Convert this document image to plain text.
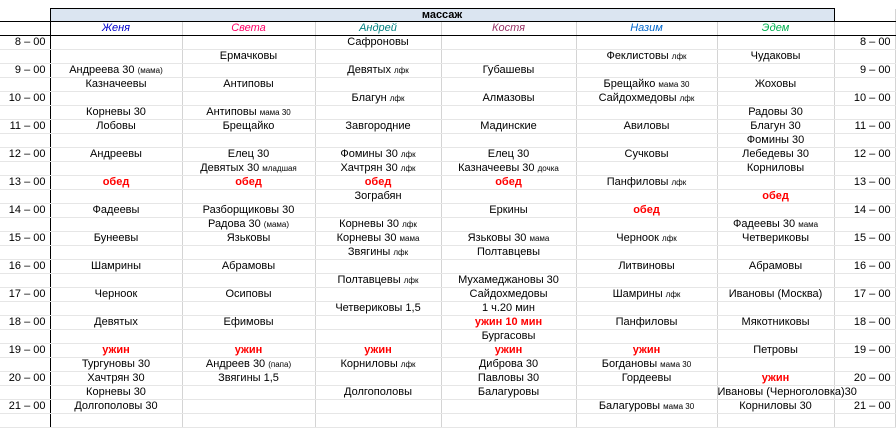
	массаж							
	Женя	Света	Андрей	Костя	Назим	Эдем		
8 – 00			Сафроновы				8 – 00	
		Ермачковы			Феклистовы лфк	Чудаковы		
9 – 00	Андреева 30 (мама)		Девятых лфк	Губашевы			9 – 00	
	Казначеевы	Антиповы			Брещайко мама 30	Жоховы		
10 – 00			Благун лфк	Алмазовы	Сайдохмедовы лфк		10 – 00	
	Корневы 30	Антиповы мама 30				Радовы 30		
11 – 00	Лобовы	Брещайко	Завгородние	Мадинские	Авиловы	Благун 30	11 – 00	
						Фомины 30		
12 – 00	Андреевы	Елец 30	Фомины 30 лфк	Елец 30	Сучковы	Лебедевы 30	12 – 00	
		Девятых 30 младшая	Хачтрян 30 лфк	Казначеевы 30 дочка		Корниловы		
13 – 00	обед	обед	обед	обед	Панфиловы лфк		13 – 00	
			Зограбян			обед		
14 – 00	Фадеевы	Разборщиковы 30		Еркины	обед		14 – 00	
		Радова 30 (мама)	Корневы 30 лфк			Фадеевы 30 мама		
15 – 00	Бунеевы	Язьковы	Корневы 30 мама	Язьковы 30 мама	Черноок лфк	Четвериковы	15 – 00	
			Звягины лфк	Полтавцевы				
16 – 00	Шамрины	Абрамовы			Литвиновы	Абрамовы	16 – 00	
			Полтавцевы лфк	Мухамеджановы 30				
17 – 00	Черноок	Осиповы		Сайдохмедовы	Шамрины лфк	Ивановы (Москва)	17 – 00	
			Четвериковы 1,5	1 ч.20 мин				
18 – 00	Девятых	Ефимовы		ужин 10 мин	Панфиловы	Мякотниковы	18 – 00	
				Бургасовы				
19 – 00	ужин	ужин	ужин	ужин	ужин	Петровы	19 – 00	
	Тургуновы 30	Андреев 30 (папа)	Корниловы лфк	Диброва 30	Богдановы мама 30			
20 – 00	Хачтрян 30	Звягины 1,5		Павловы 30	Гордеевы	ужин	20 – 00	
	Корневы 30		Долгополовы	Балагуровы		Ивановы (Черноголовка)30		
21 – 00	Долгополовы 30				Балагуровы мама 30	Корниловы 30	21 – 00	
